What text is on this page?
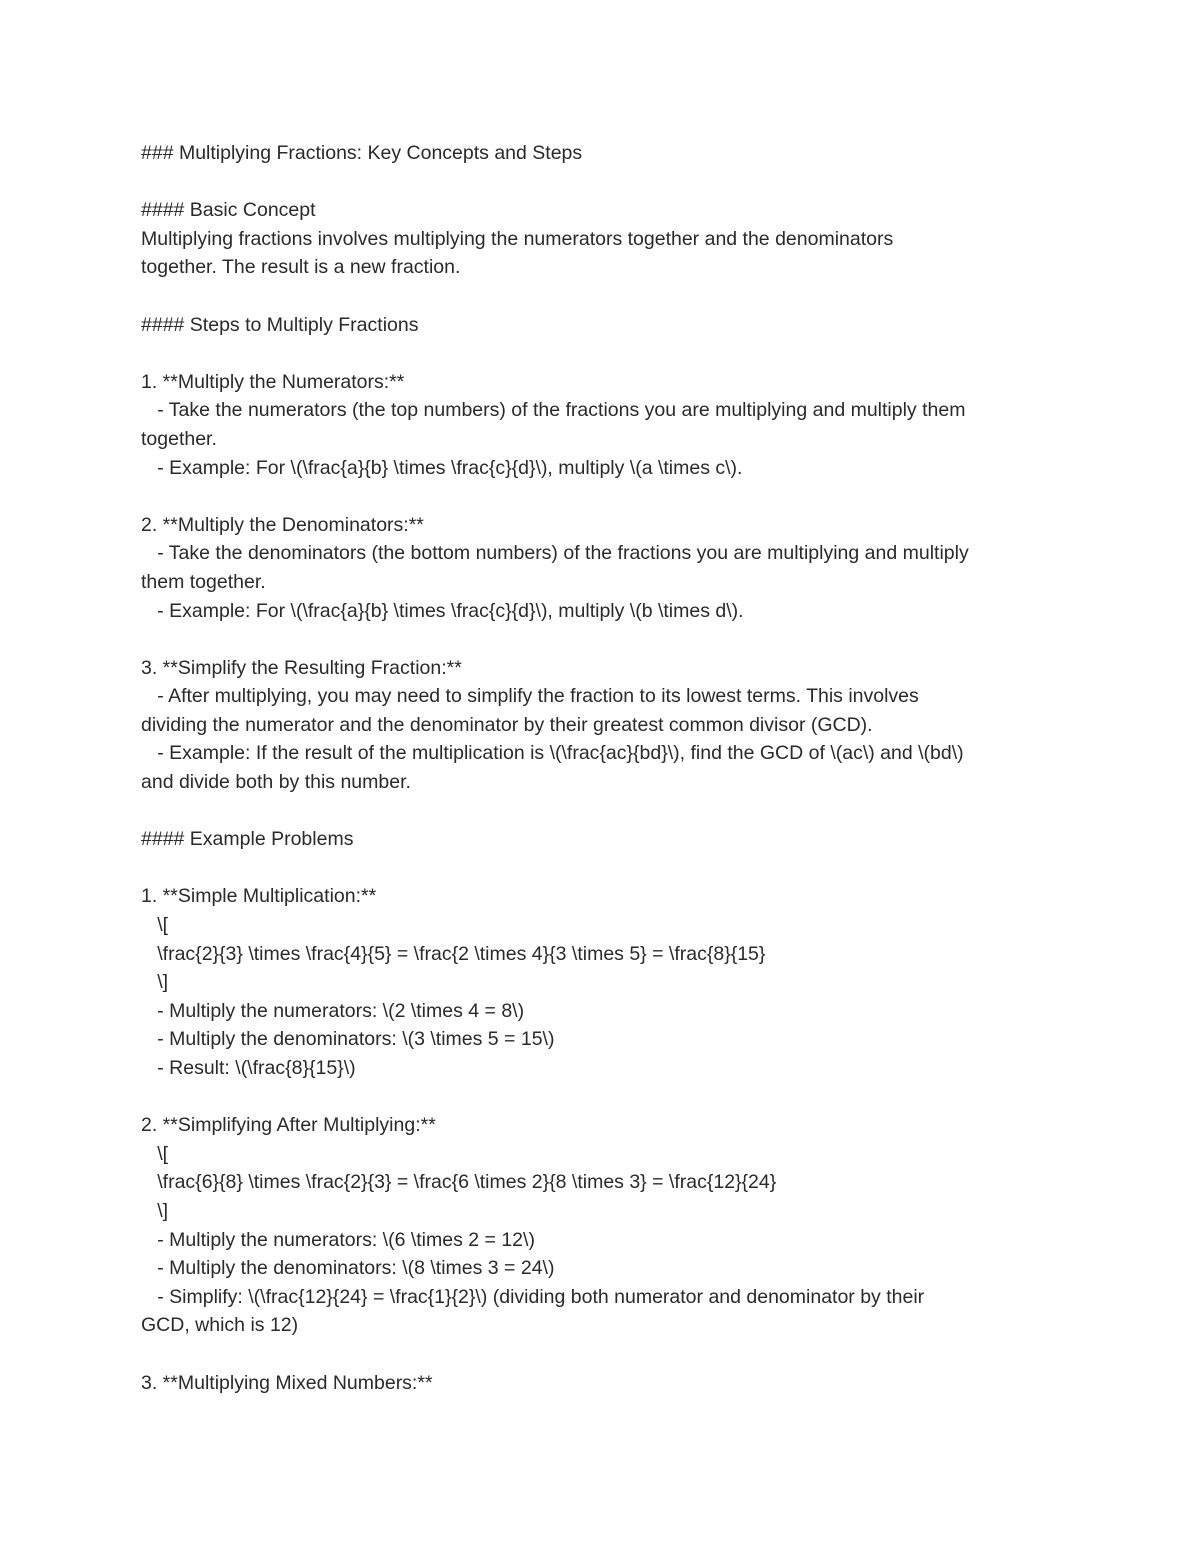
### Multiplying Fractions: Key Concepts and Steps
#### Basic Concept
Multiplying fractions involves multiplying the numerators together and the denominators
together. The result is a new fraction.
#### Steps to Multiply Fractions
1. **Multiply the Numerators:**
- Take the numerators (the top numbers) of the fractions you are multiplying and multiply them
together.
- Example: For \(\frac{a}{b} \times \frac{c}{d}\), multiply \(a \times c\).
2. **Multiply the Denominators:**
- Take the denominators (the bottom numbers) of the fractions you are multiplying and multiply
them together.
- Example: For \(\frac{a}{b} \times \frac{c}{d}\), multiply \(b \times d\).
3. **Simplify the Resulting Fraction:**
- After multiplying, you may need to simplify the fraction to its lowest terms. This involves
dividing the numerator and the denominator by their greatest common divisor (GCD).
- Example: If the result of the multiplication is \(\frac{ac}{bd}\), find the GCD of \(ac\) and \(bd\)
and divide both by this number.
#### Example Problems
1. **Simple Multiplication:**
\[
\frac{2}{3} \times \frac{4}{5} = \frac{2 \times 4}{3 \times 5} = \frac{8}{15}
\]
- Multiply the numerators: \(2 \times 4 = 8\)
- Multiply the denominators: \(3 \times 5 = 15\)
- Result: \(\frac{8}{15}\)
2. **Simplifying After Multiplying:**
\[
\frac{6}{8} \times \frac{2}{3} = \frac{6 \times 2}{8 \times 3} = \frac{12}{24}
\]
- Multiply the numerators: \(6 \times 2 = 12\)
- Multiply the denominators: \(8 \times 3 = 24\)
- Simplify: \(\frac{12}{24} = \frac{1}{2}\) (dividing both numerator and denominator by their
GCD, which is 12)
3. **Multiplying Mixed Numbers:**
